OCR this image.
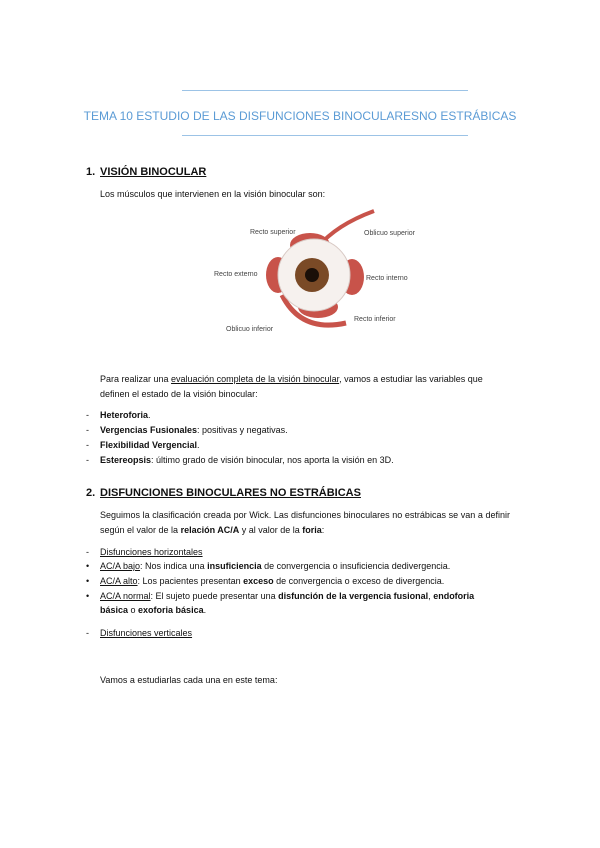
TEMA 10 ESTUDIO DE LAS DISFUNCIONES BINOCULARESNO ESTRÁBICAS
1. VISIÓN BINOCULAR
Los músculos que intervienen en la visión binocular son:
Recto superior	Oblicuo superior
Recto externo
Recto interno
Recto inferior
Oblicuo inferior
Para realizar una evaluación completa de la visión binocular, vamos a estudiar las variables que definen el estado de la visión binocular:
- Heteroforia.
- Vergencias Fusionales: positivas y negativas.
- Flexibilidad Vergencial.
- Estereopsis: último grado de visión binocular, nos aporta la visión en 3D.
2. DISFUNCIONES BINOCULARES NO ESTRÁBICAS
Seguimos la clasificación creada por Wick. Las disfunciones binoculares no estrábicas se van a definir según el valor de la relación AC/A y al valor de la foria:
- Disfunciones horizontales
• AC/A bajo: Nos indica una insuficiencia de convergencia o insuficiencia dedivergencia.
• AC/A alto: Los pacientes presentan exceso de convergencia o exceso de divergencia.
• AC/A normal: El sujeto puede presentar una disfunción de la vergencia fusional, endoforia básica o exoforia básica.
- Disfunciones verticales
Vamos a estudiarlas cada una en este tema:
